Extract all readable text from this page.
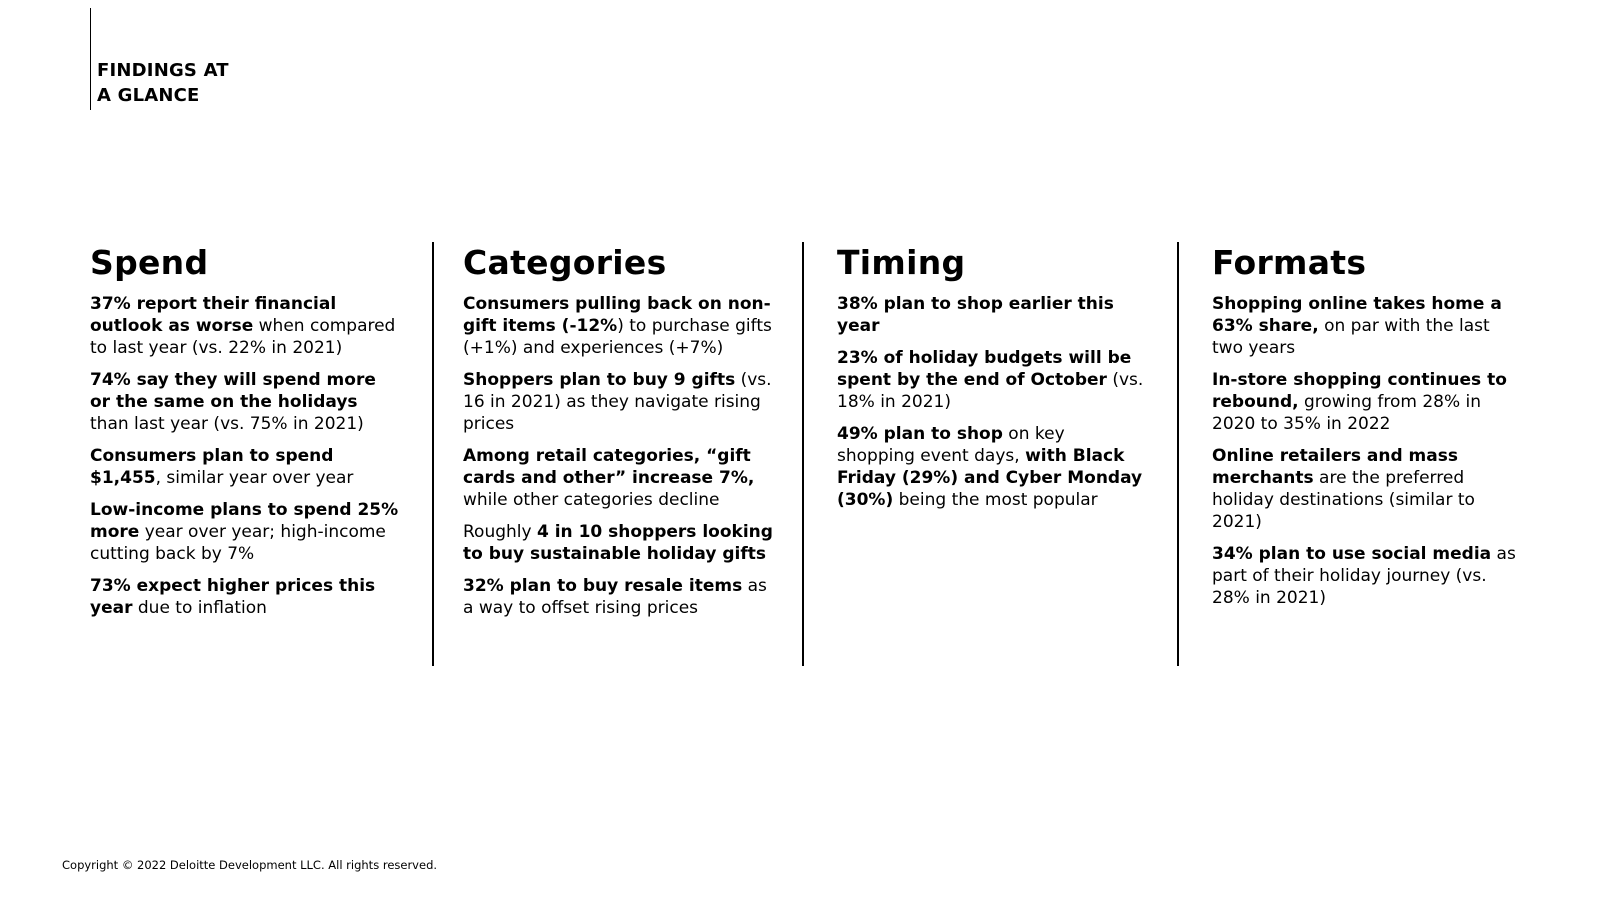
FINDINGS AT
A GLANCE
Spend

37% report their financial outlook as worse when compared to last year (vs. 22% in 2021)

74% say they will spend more or the same on the holidays than last year (vs. 75% in 2021)

Consumers plan to spend $1,455, similar year over year

Low-income plans to spend 25% more year over year; high-income cutting back by 7%

73% expect higher prices this year due to inflation

Categories

Consumers pulling back on non-gift items (-12%) to purchase gifts (+1%) and experiences (+7%)

Shoppers plan to buy 9 gifts (vs. 16 in 2021) as they navigate rising prices

Among retail categories, “gift cards and other” increase 7%, while other categories decline

Roughly 4 in 10 shoppers looking to buy sustainable holiday gifts

32% plan to buy resale items as a way to offset rising prices

Timing

38% plan to shop earlier this year

23% of holiday budgets will be spent by the end of October (vs. 18% in 2021)

49% plan to shop on key shopping event days, with Black Friday (29%) and Cyber Monday (30%) being the most popular

Formats

Shopping online takes home a 63% share, on par with the last two years

In-store shopping continues to rebound, growing from 28% in 2020 to 35% in 2022

Online retailers and mass merchants are the preferred holiday destinations (similar to 2021)

34% plan to use social media as part of their holiday journey (vs. 28% in 2021)

Copyright © 2022 Deloitte Development LLC. All rights reserved.
